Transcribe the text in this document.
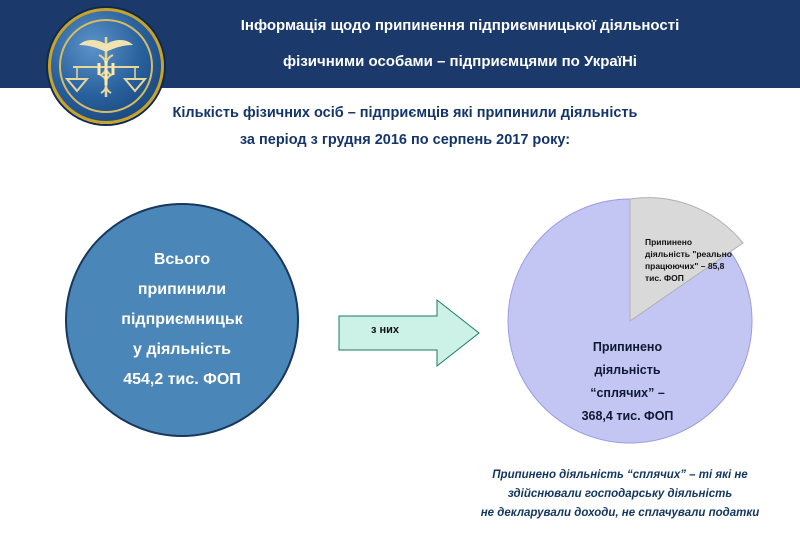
Інформація щодо припинення підприємницької діяльності
фізичними особами – підприємцями по УкраїНі
Кількість фізичних осіб – підприємців які припинили діяльність
за період з грудня 2016 по серпень 2017 року:
Всього
припинили
підприємницьк
у діяльність
454,2 тис. ФОП
з них
Припинено
діяльність "реально
працюючих" – 85,8
тис. ФОП
Припинено
діяльність
“сплячих” –
368,4 тис. ФОП
Припинено діяльність “сплячих” – ті які не
здійснювали господарську діяльність
не декларували доходи, не сплачували податки
